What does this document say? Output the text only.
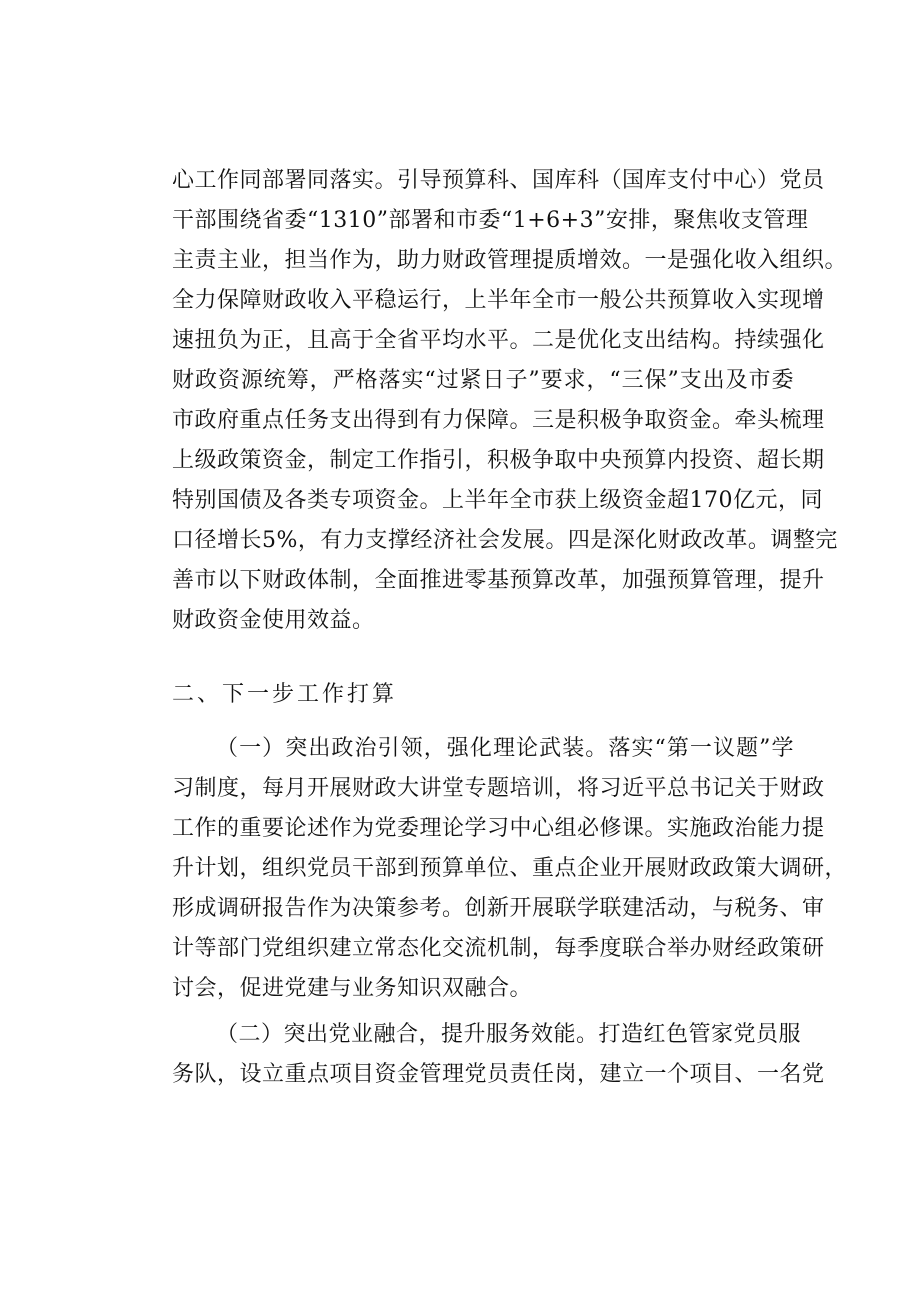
心工作同部署同落实。引导预算科、国库科（国库支付中心）党员
干部围绕省委“1310”部署和市委“1+6+3”安排，聚焦收支管理
主责主业，担当作为，助力财政管理提质增效。一是强化收入组织。
全力保障财政收入平稳运行，上半年全市一般公共预算收入实现增
速扭负为正，且高于全省平均水平。二是优化支出结构。持续强化
财政资源统筹，严格落实“过紧日子”要求，“三保”支出及市委
市政府重点任务支出得到有力保障。三是积极争取资金。牵头梳理
上级政策资金，制定工作指引，积极争取中央预算内投资、超长期
特别国债及各类专项资金。上半年全市获上级资金超170亿元，同
口径增长5%，有力支撑经济社会发展。四是深化财政改革。调整完
善市以下财政体制，全面推进零基预算改革，加强预算管理，提升
财政资金使用效益。
二、下一步工作打算
（一）突出政治引领，强化理论武装。落实“第一议题”学
习制度，每月开展财政大讲堂专题培训，将习近平总书记关于财政
工作的重要论述作为党委理论学习中心组必修课。实施政治能力提
升计划，组织党员干部到预算单位、重点企业开展财政政策大调研，
形成调研报告作为决策参考。创新开展联学联建活动，与税务、审
计等部门党组织建立常态化交流机制，每季度联合举办财经政策研
讨会，促进党建与业务知识双融合。
（二）突出党业融合，提升服务效能。打造红色管家党员服
务队，设立重点项目资金管理党员责任岗，建立一个项目、一名党
